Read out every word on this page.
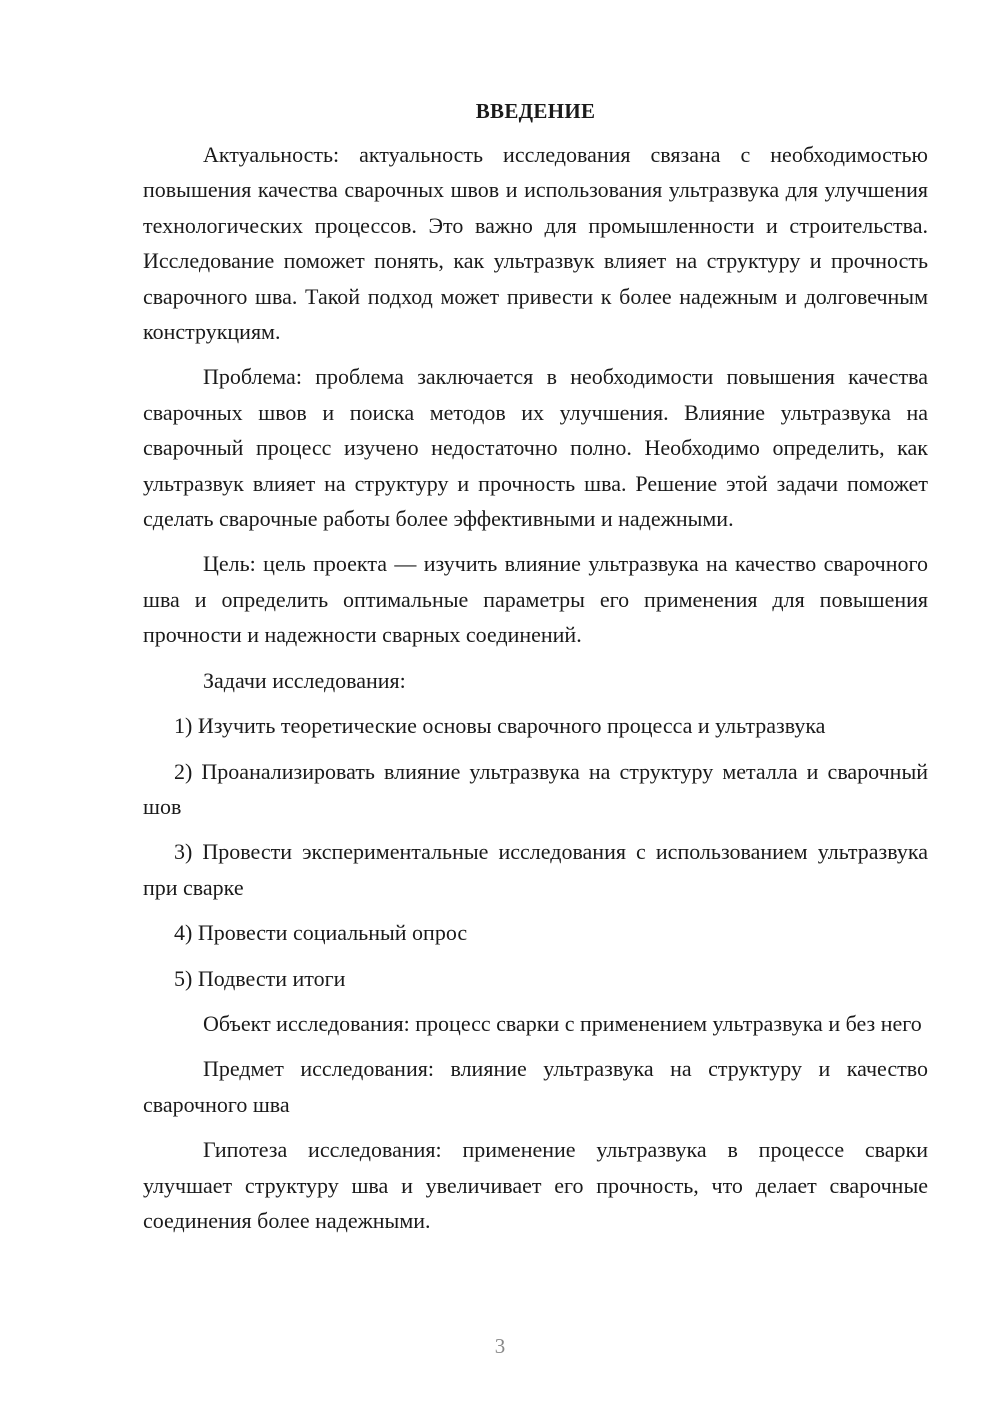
ВВЕДЕНИЕ

Актуальность: актуальность исследования связана с необходимостью повышения качества сварочных швов и использования ультразвука для улучшения технологических процессов. Это важно для промышленности и строительства. Исследование поможет понять, как ультразвук влияет на структуру и прочность сварочного шва. Такой подход может привести к более надежным и долговечным конструкциям.

Проблема: проблема заключается в необходимости повышения качества сварочных швов и поиска методов их улучшения. Влияние ультразвука на сварочный процесс изучено недостаточно полно. Необходимо определить, как ультразвук влияет на структуру и прочность шва. Решение этой задачи поможет сделать сварочные работы более эффективными и надежными.

Цель: цель проекта — изучить влияние ультразвука на качество сварочного шва и определить оптимальные параметры его применения для повышения прочности и надежности сварных соединений.

Задачи исследования:

1) Изучить теоретические основы сварочного процесса и ультразвука

2) Проанализировать влияние ультразвука на структуру металла и сварочный шов

3) Провести экспериментальные исследования с использованием ультразвука при сварке

4) Провести социальный опрос

5) Подвести итоги

Объект исследования: процесс сварки с применением ультразвука и без него

Предмет исследования: влияние ультразвука на структуру и качество сварочного шва

Гипотеза исследования: применение ультразвука в процессе сварки улучшает структуру шва и увеличивает его прочность, что делает сварочные соединения более надежными.

3
